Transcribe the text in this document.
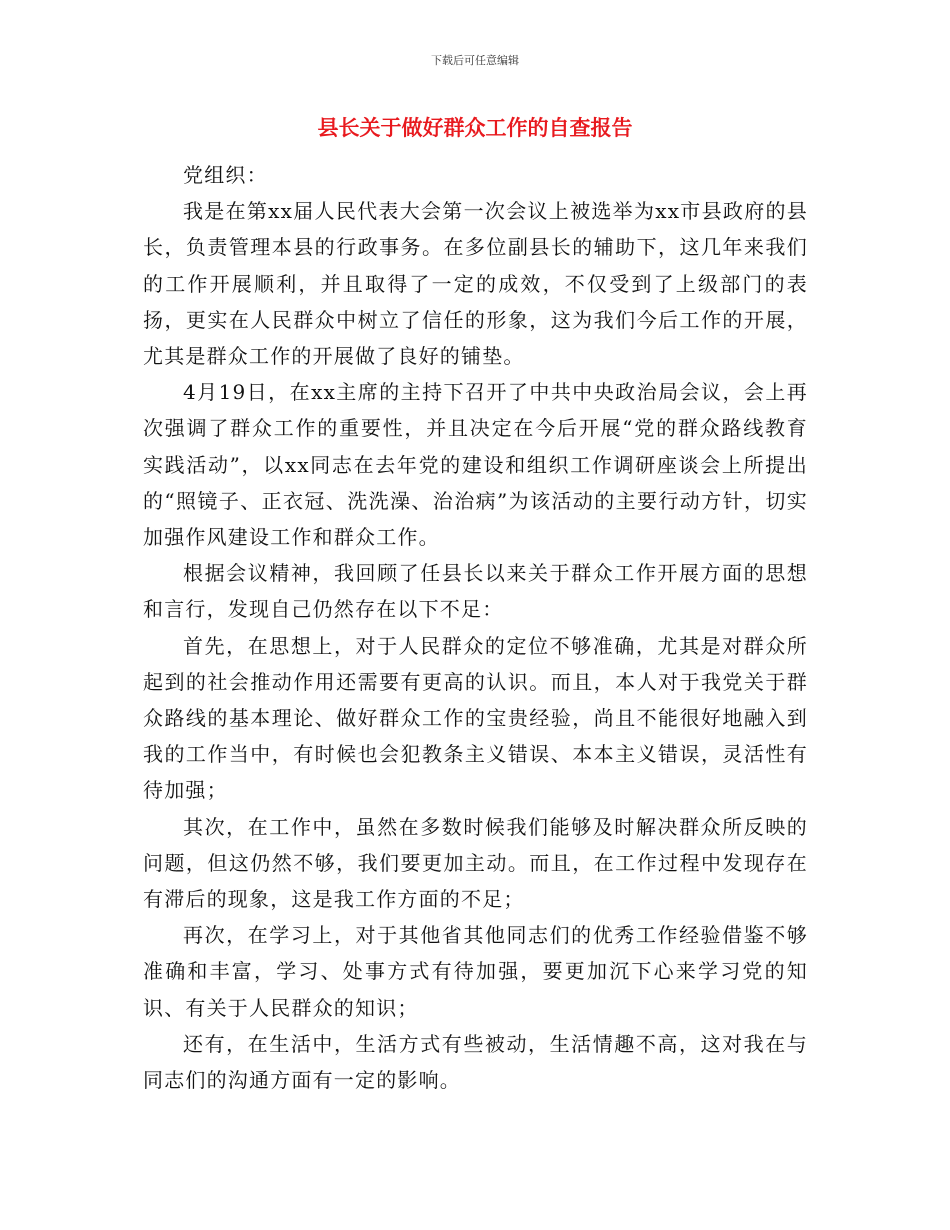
下载后可任意编辑
县长关于做好群众工作的自查报告

党组织：

我是在第xx届人民代表大会第一次会议上被选举为xx市县政府的县长，负责管理本县的行政事务。在多位副县长的辅助下，这几年来我们的工作开展顺利，并且取得了一定的成效，不仅受到了上级部门的表扬，更实在人民群众中树立了信任的形象，这为我们今后工作的开展，尤其是群众工作的开展做了良好的铺垫。

4月19日，在xx主席的主持下召开了中共中央政治局会议，会上再次强调了群众工作的重要性，并且决定在今后开展“党的群众路线教育实践活动”，以xx同志在去年党的建设和组织工作调研座谈会上所提出的“照镜子、正衣冠、洗洗澡、治治病”为该活动的主要行动方针，切实加强作风建设工作和群众工作。

根据会议精神，我回顾了任县长以来关于群众工作开展方面的思想和言行，发现自己仍然存在以下不足：

首先，在思想上，对于人民群众的定位不够准确，尤其是对群众所起到的社会推动作用还需要有更高的认识。而且，本人对于我党关于群众路线的基本理论、做好群众工作的宝贵经验，尚且不能很好地融入到我的工作当中，有时候也会犯教条主义错误、本本主义错误，灵活性有待加强；

其次，在工作中，虽然在多数时候我们能够及时解决群众所反映的问题，但这仍然不够，我们要更加主动。而且，在工作过程中发现存在有滞后的现象，这是我工作方面的不足；

再次，在学习上，对于其他省其他同志们的优秀工作经验借鉴不够准确和丰富，学习、处事方式有待加强，要更加沉下心来学习党的知识、有关于人民群众的知识；

还有，在生活中，生活方式有些被动，生活情趣不高，这对我在与同志们的沟通方面有一定的影响。
